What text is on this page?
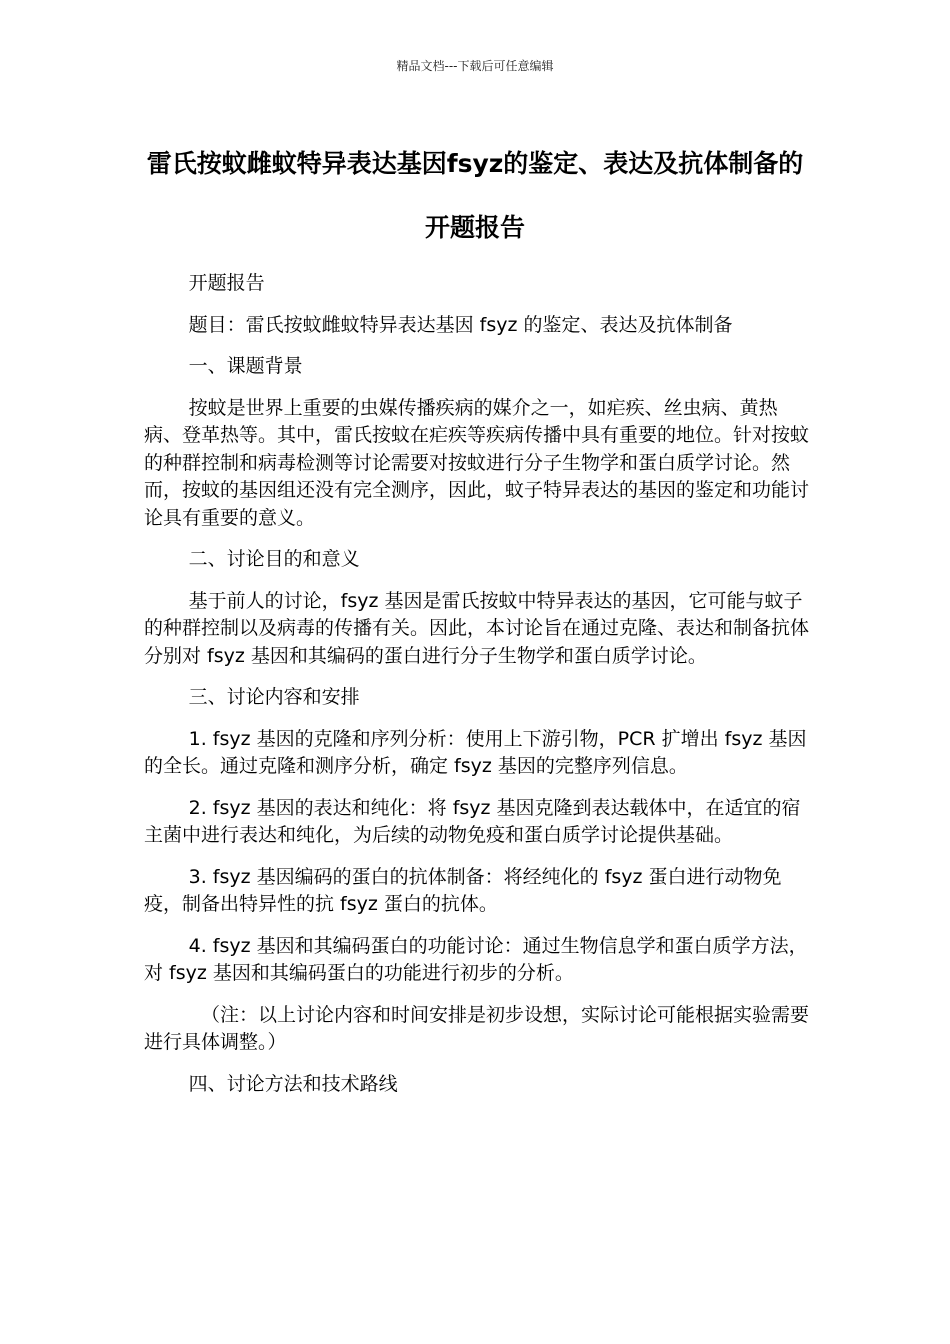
精品文档---下载后可任意编辑
雷氏按蚊雌蚊特异表达基因fsyz的鉴定、表达及抗体制备的开题报告

开题报告

题目：雷氏按蚊雌蚊特异表达基因 fsyz 的鉴定、表达及抗体制备

一、课题背景

按蚊是世界上重要的虫媒传播疾病的媒介之一，如疟疾、丝虫病、黄热病、登革热等。其中，雷氏按蚊在疟疾等疾病传播中具有重要的地位。针对按蚊的种群控制和病毒检测等讨论需要对按蚊进行分子生物学和蛋白质学讨论。然而，按蚊的基因组还没有完全测序，因此，蚊子特异表达的基因的鉴定和功能讨论具有重要的意义。

二、讨论目的和意义

基于前人的讨论，fsyz 基因是雷氏按蚊中特异表达的基因，它可能与蚊子的种群控制以及病毒的传播有关。因此，本讨论旨在通过克隆、表达和制备抗体分别对 fsyz 基因和其编码的蛋白进行分子生物学和蛋白质学讨论。

三、讨论内容和安排

1. fsyz 基因的克隆和序列分析：使用上下游引物，PCR 扩增出 fsyz 基因的全长。通过克隆和测序分析，确定 fsyz 基因的完整序列信息。

2. fsyz 基因的表达和纯化：将 fsyz 基因克隆到表达载体中，在适宜的宿主菌中进行表达和纯化，为后续的动物免疫和蛋白质学讨论提供基础。

3. fsyz 基因编码的蛋白的抗体制备：将经纯化的 fsyz 蛋白进行动物免疫，制备出特异性的抗 fsyz 蛋白的抗体。

4. fsyz 基因和其编码蛋白的功能讨论：通过生物信息学和蛋白质学方法，对 fsyz 基因和其编码蛋白的功能进行初步的分析。

（注：以上讨论内容和时间安排是初步设想，实际讨论可能根据实验需要进行具体调整。）

四、讨论方法和技术路线
